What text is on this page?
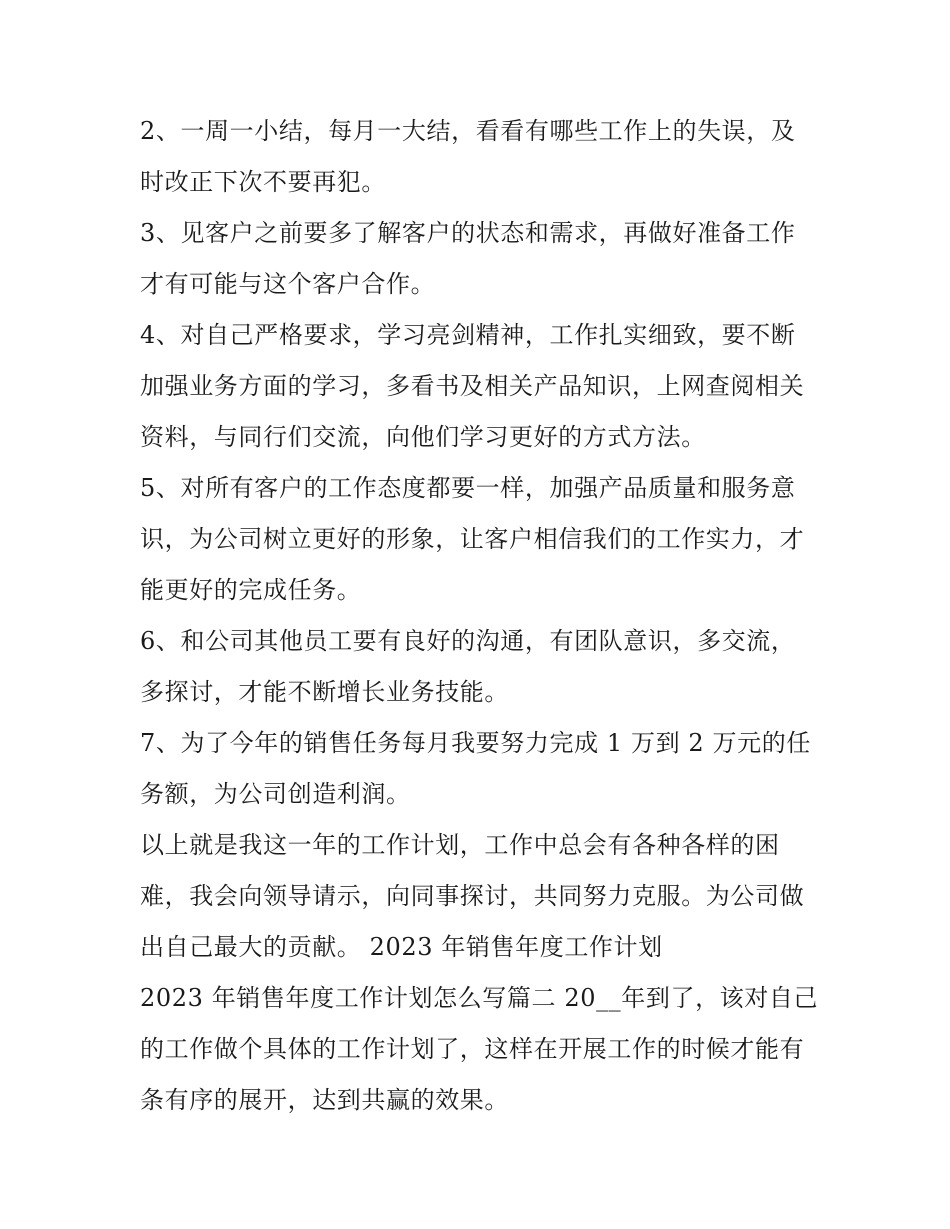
2、一周一小结，每月一大结，看看有哪些工作上的失误，及
时改正下次不要再犯。

3、见客户之前要多了解客户的状态和需求，再做好准备工作
才有可能与这个客户合作。

4、对自己严格要求，学习亮剑精神，工作扎实细致，要不断
加强业务方面的学习，多看书及相关产品知识，上网查阅相关
资料，与同行们交流，向他们学习更好的方式方法。

5、对所有客户的工作态度都要一样，加强产品质量和服务意
识，为公司树立更好的形象，让客户相信我们的工作实力，才
能更好的完成任务。

6、和公司其他员工要有良好的沟通，有团队意识，多交流，
多探讨，才能不断增长业务技能。

7、为了今年的销售任务每月我要努力完成 1 万到 2 万元的任
务额，为公司创造利润。

以上就是我这一年的工作计划，工作中总会有各种各样的困
难，我会向领导请示，向同事探讨，共同努力克服。为公司做
出自己最大的贡献。 2023 年销售年度工作计划

2023 年销售年度工作计划怎么写篇二 20__年到了，该对自己
的工作做个具体的工作计划了，这样在开展工作的时候才能有
条有序的展开，达到共赢的效果。
